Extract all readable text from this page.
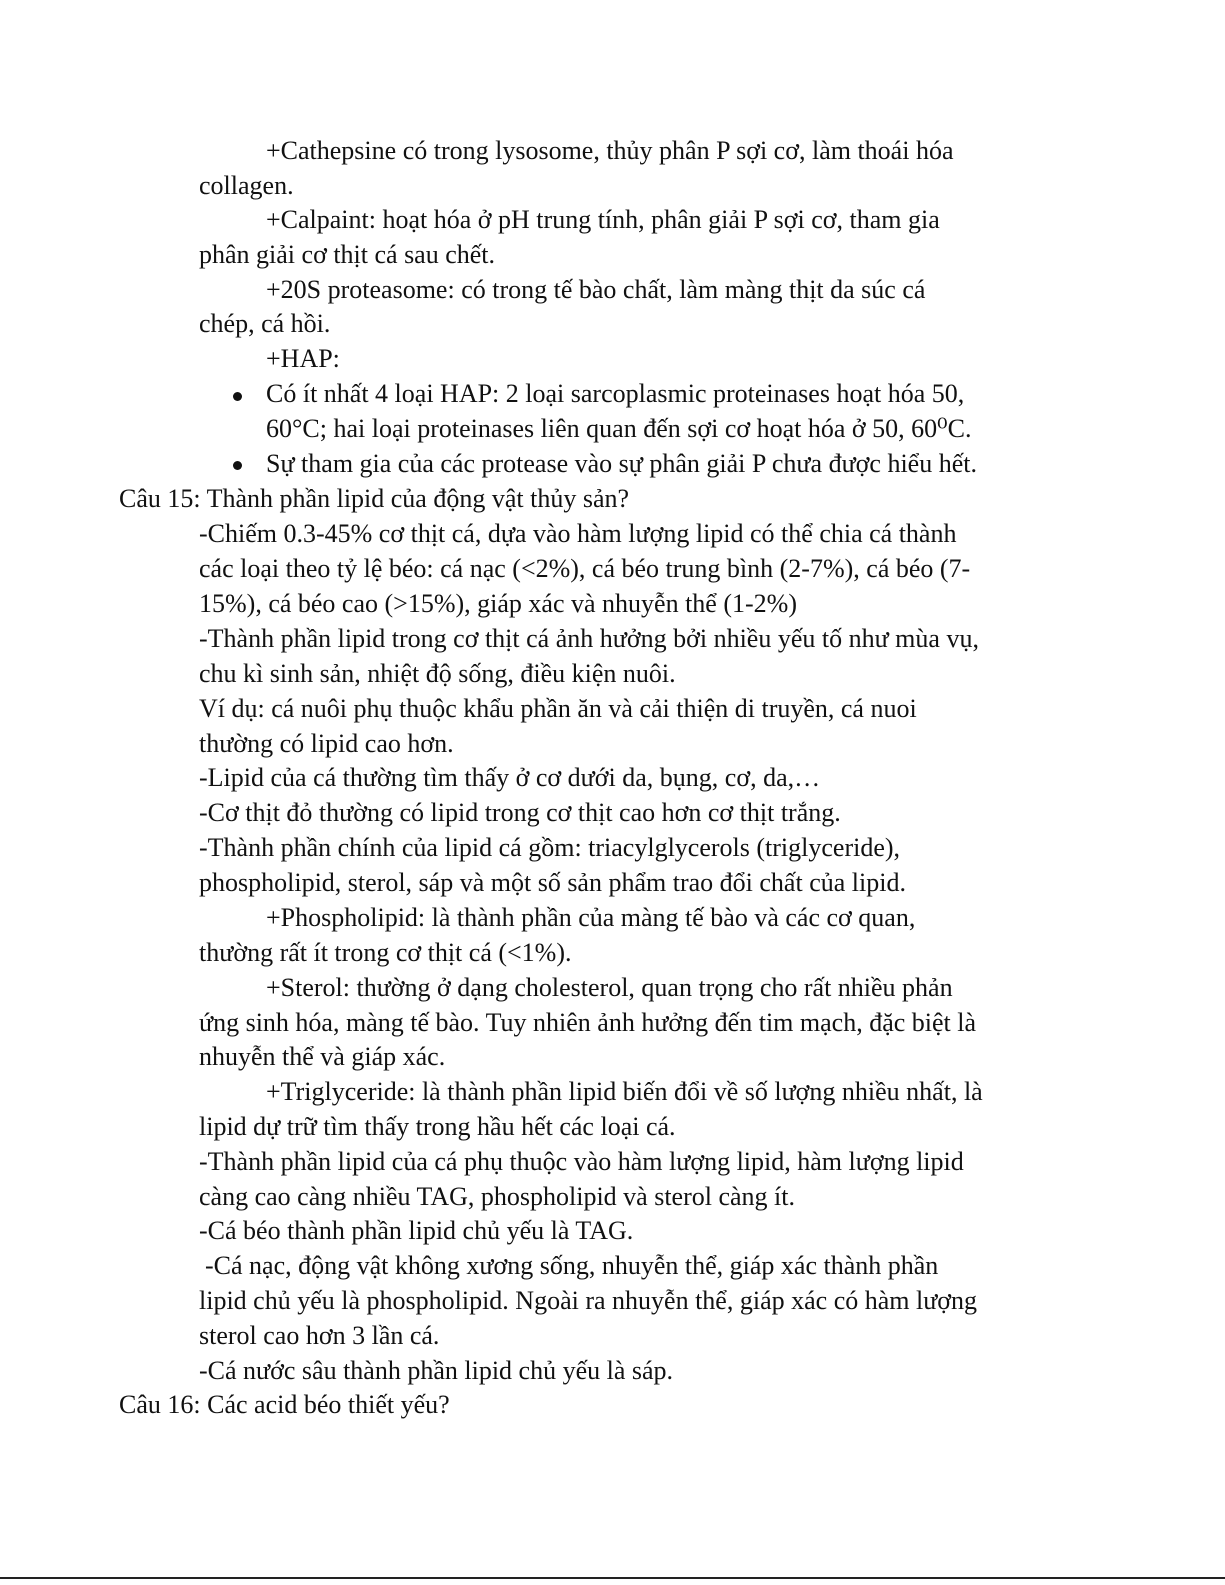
+Cathepsine có trong lysosome, thủy phân P sợi cơ, làm thoái hóa
collagen.
+Calpaint: hoạt hóa ở pH trung tính, phân giải P sợi cơ, tham gia
phân giải cơ thịt cá sau chết.
+20S proteasome: có trong tế bào chất, làm màng thịt da súc cá
chép, cá hồi.
+HAP:
Có ít nhất 4 loại HAP: 2 loại sarcoplasmic proteinases hoạt hóa 50,
60°C; hai loại proteinases liên quan đến sợi cơ hoạt hóa ở 50, 60⁰C.
Sự tham gia của các protease vào sự phân giải P chưa được hiểu hết.
Câu 15: Thành phần lipid của động vật thủy sản?
-Chiếm 0.3-45% cơ thịt cá, dựa vào hàm lượng lipid có thể chia cá thành
các loại theo tỷ lệ béo: cá nạc (<2%), cá béo trung bình (2-7%), cá béo (7-
15%), cá béo cao (>15%), giáp xác và nhuyễn thể (1-2%)
-Thành phần lipid trong cơ thịt cá ảnh hưởng bởi nhiều yếu tố như mùa vụ,
chu kì sinh sản, nhiệt độ sống, điều kiện nuôi.
Ví dụ: cá nuôi phụ thuộc khẩu phần ăn và cải thiện di truyền, cá nuoi
thường có lipid cao hơn.
-Lipid của cá thường tìm thấy ở cơ dưới da, bụng, cơ, da,…
-Cơ thịt đỏ thường có lipid trong cơ thịt cao hơn cơ thịt trắng.
-Thành phần chính của lipid cá gồm: triacylglycerols (triglyceride),
phospholipid, sterol, sáp và một số sản phẩm trao đổi chất của lipid.
+Phospholipid: là thành phần của màng tế bào và các cơ quan,
thường rất ít trong cơ thịt cá (<1%).
+Sterol: thường ở dạng cholesterol, quan trọng cho rất nhiều phản
ứng sinh hóa, màng tế bào. Tuy nhiên ảnh hưởng đến tim mạch, đặc biệt là
nhuyễn thể và giáp xác.
+Triglyceride: là thành phần lipid biến đổi về số lượng nhiều nhất, là
lipid dự trữ tìm thấy trong hầu hết các loại cá.
-Thành phần lipid của cá phụ thuộc vào hàm lượng lipid, hàm lượng lipid
càng cao càng nhiều TAG, phospholipid và sterol càng ít.
-Cá béo thành phần lipid chủ yếu là TAG.
-Cá nạc, động vật không xương sống, nhuyễn thể, giáp xác thành phần
lipid chủ yếu là phospholipid. Ngoài ra nhuyễn thể, giáp xác có hàm lượng
sterol cao hơn 3 lần cá.
-Cá nước sâu thành phần lipid chủ yếu là sáp.
Câu 16: Các acid béo thiết yếu?
